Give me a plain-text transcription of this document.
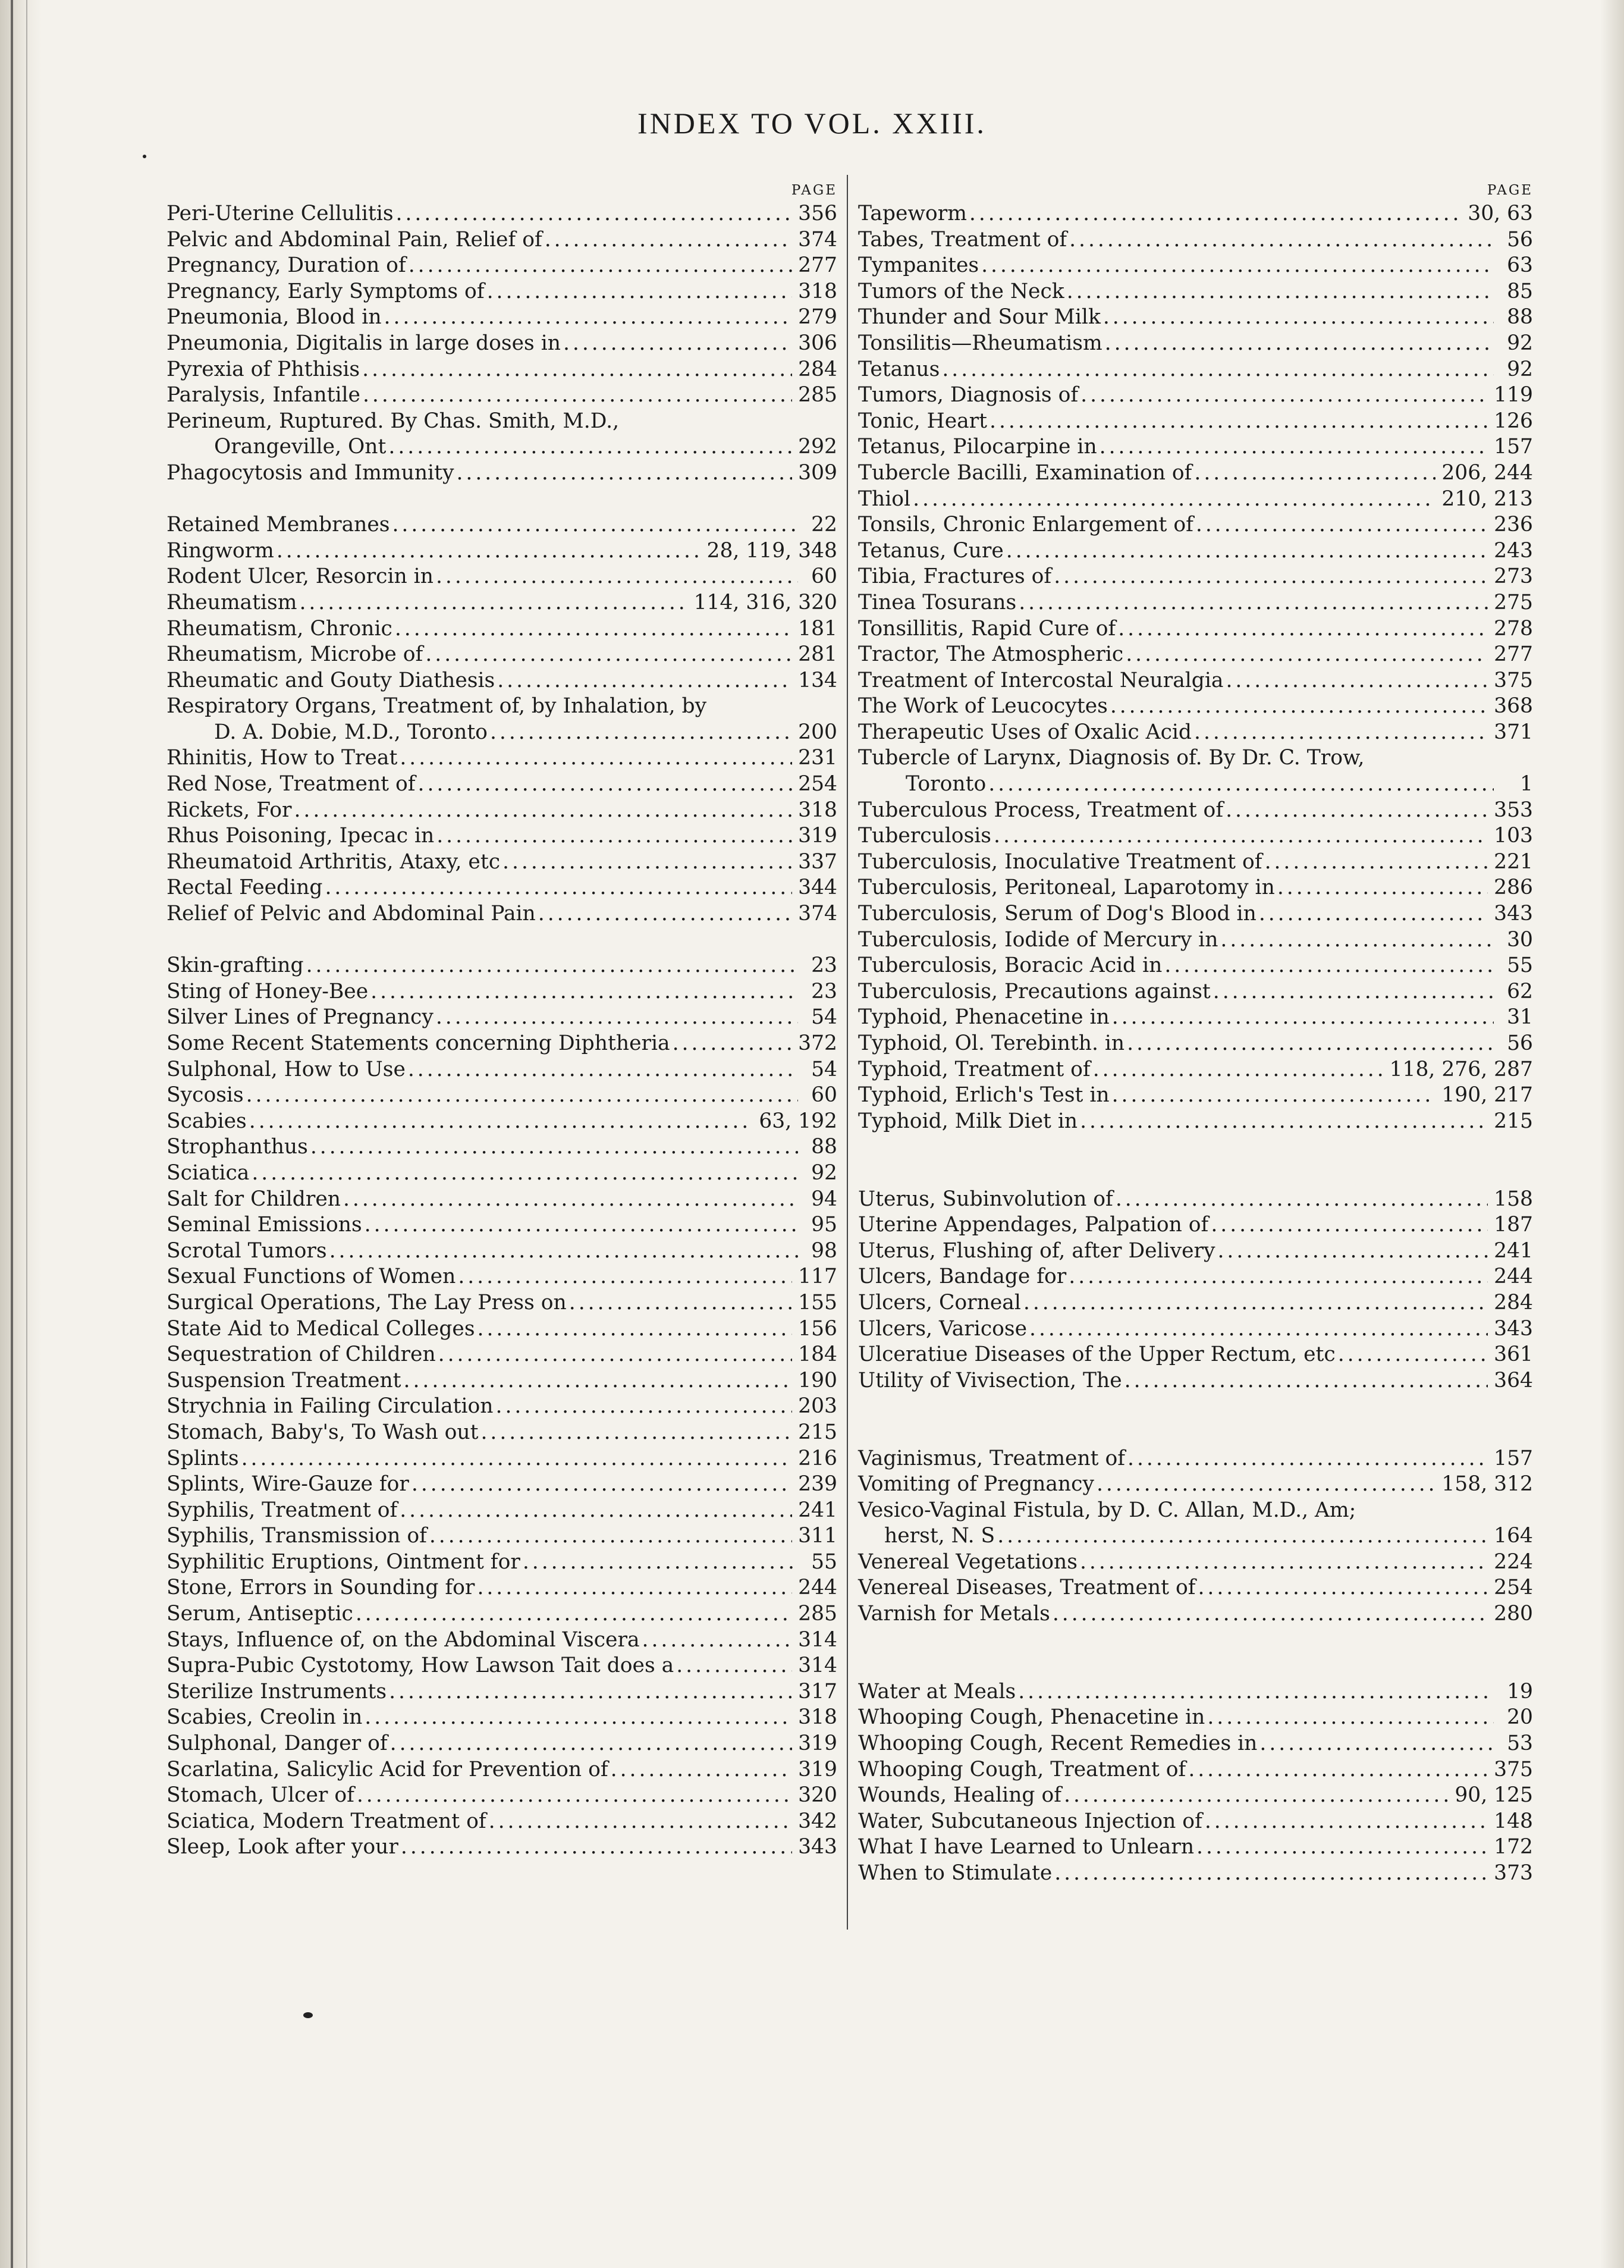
INDEX TO VOL. XXIII.
PAGE
Peri-Uterine Cellulitis . . .	356
Pelvic and Abdominal Pain, Relief of . . .	374
Pregnancy, Duration of . . .	277
Pregnancy, Early Symptoms of . . .	318
Pneumonia, Blood in . . .	279
Pneumonia, Digitalis in large doses in . . .	306
Pyrexia of Phthisis . . .	284
Paralysis, Infantile . . .	285
Perineum, Ruptured. By Chas. Smith, M.D.,
Orangeville, Ont . . .	292
Phagocytosis and Immunity . . .	309
Retained Membranes . . .	22
Ringworm . . .	28, 119, 348
Rodent Ulcer, Resorcin in . . .	60
Rheumatism . . .	114, 316, 320
Rheumatism, Chronic . . .	181
Rheumatism, Microbe of . . .	281
Rheumatic and Gouty Diathesis . . .	134
Respiratory Organs, Treatment of, by Inhalation, by
D. A. Dobie, M.D., Toronto . . .	200
Rhinitis, How to Treat . . .	231
Red Nose, Treatment of . . .	254
Rickets, For . . .	318
Rhus Poisoning, Ipecac in . . .	319
Rheumatoid Arthritis, Ataxy, etc . . .	337
Rectal Feeding . . .	344
Relief of Pelvic and Abdominal Pain . . .	374
Skin-grafting . . .	23
Sting of Honey-Bee . . .	23
Silver Lines of Pregnancy . . .	54
Some Recent Statements concerning Diphtheria . . .	372
Sulphonal, How to Use . . .	54
Sycosis . . .	60
Scabies . . .	63, 192
Strophanthus . . .	88
Sciatica . . .	92
Salt for Children . . .	94
Seminal Emissions . . .	95
Scrotal Tumors . . .	98
Sexual Functions of Women . . .	117
Surgical Operations, The Lay Press on . . .	155
State Aid to Medical Colleges . . .	156
Sequestration of Children . . .	184
Suspension Treatment . . .	190
Strychnia in Failing Circulation . . .	203
Stomach, Baby's, To Wash out . . .	215
Splints . . .	216
Splints, Wire-Gauze for . . .	239
Syphilis, Treatment of . . .	241
Syphilis, Transmission of . . .	311
Syphilitic Eruptions, Ointment for . . .	55
Stone, Errors in Sounding for . . .	244
Serum, Antiseptic . . .	285
Stays, Influence of, on the Abdominal Viscera . . .	314
Supra-Pubic Cystotomy, How Lawson Tait does a . . .	314
Sterilize Instruments . . .	317
Scabies, Creolin in . . .	318
Sulphonal, Danger of . . .	319
Scarlatina, Salicylic Acid for Prevention of . . .	319
Stomach, Ulcer of . . .	320
Sciatica, Modern Treatment of . . .	342
Sleep, Look after your . . .	343
PAGE
Tapeworm . . .	30, 63
Tabes, Treatment of . . .	56
Tympanites . . .	63
Tumors of the Neck . . .	85
Thunder and Sour Milk . . .	88
Tonsilitis—Rheumatism . . .	92
Tetanus . . .	92
Tumors, Diagnosis of . . .	119
Tonic, Heart . . .	126
Tetanus, Pilocarpine in . . .	157
Tubercle Bacilli, Examination of . . .	206, 244
Thiol . . .	210, 213
Tonsils, Chronic Enlargement of . . .	236
Tetanus, Cure . . .	243
Tibia, Fractures of . . .	273
Tinea Tosurans . . .	275
Tonsillitis, Rapid Cure of . . .	278
Tractor, The Atmospheric . . .	277
Treatment of Intercostal Neuralgia . . .	375
The Work of Leucocytes . . .	368
Therapeutic Uses of Oxalic Acid . . .	371
Tubercle of Larynx, Diagnosis of. By Dr. C. Trow,
Toronto . . .	1
Tuberculous Process, Treatment of . . .	353
Tuberculosis . . .	103
Tuberculosis, Inoculative Treatment of . . .	221
Tuberculosis, Peritoneal, Laparotomy in . . .	286
Tuberculosis, Serum of Dog's Blood in . . .	343
Tuberculosis, Iodide of Mercury in . . .	30
Tuberculosis, Boracic Acid in . . .	55
Tuberculosis, Precautions against . . .	62
Typhoid, Phenacetine in . . .	31
Typhoid, Ol. Terebinth. in . . .	56
Typhoid, Treatment of . . .	118, 276, 287
Typhoid, Erlich's Test in . . .	190, 217
Typhoid, Milk Diet in . . .	215
Uterus, Subinvolution of . . .	158
Uterine Appendages, Palpation of . . .	187
Uterus, Flushing of, after Delivery . . .	241
Ulcers, Bandage for . . .	244
Ulcers, Corneal . . .	284
Ulcers, Varicose . . .	343
Ulceratiue Diseases of the Upper Rectum, etc . . .	361
Utility of Vivisection, The . . .	364
Vaginismus, Treatment of . . .	157
Vomiting of Pregnancy . . .	158, 312
Vesico-Vaginal Fistula, by D. C. Allan, M.D., Am;
herst, N. S . . .	164
Venereal Vegetations . . .	224
Venereal Diseases, Treatment of . . .	254
Varnish for Metals . . .	280
Water at Meals . . .	19
Whooping Cough, Phenacetine in . . .	20
Whooping Cough, Recent Remedies in . . .	53
Whooping Cough, Treatment of . . .	375
Wounds, Healing of . . .	90, 125
Water, Subcutaneous Injection of . . .	148
What I have Learned to Unlearn . . .	172
When to Stimulate . . .	373
